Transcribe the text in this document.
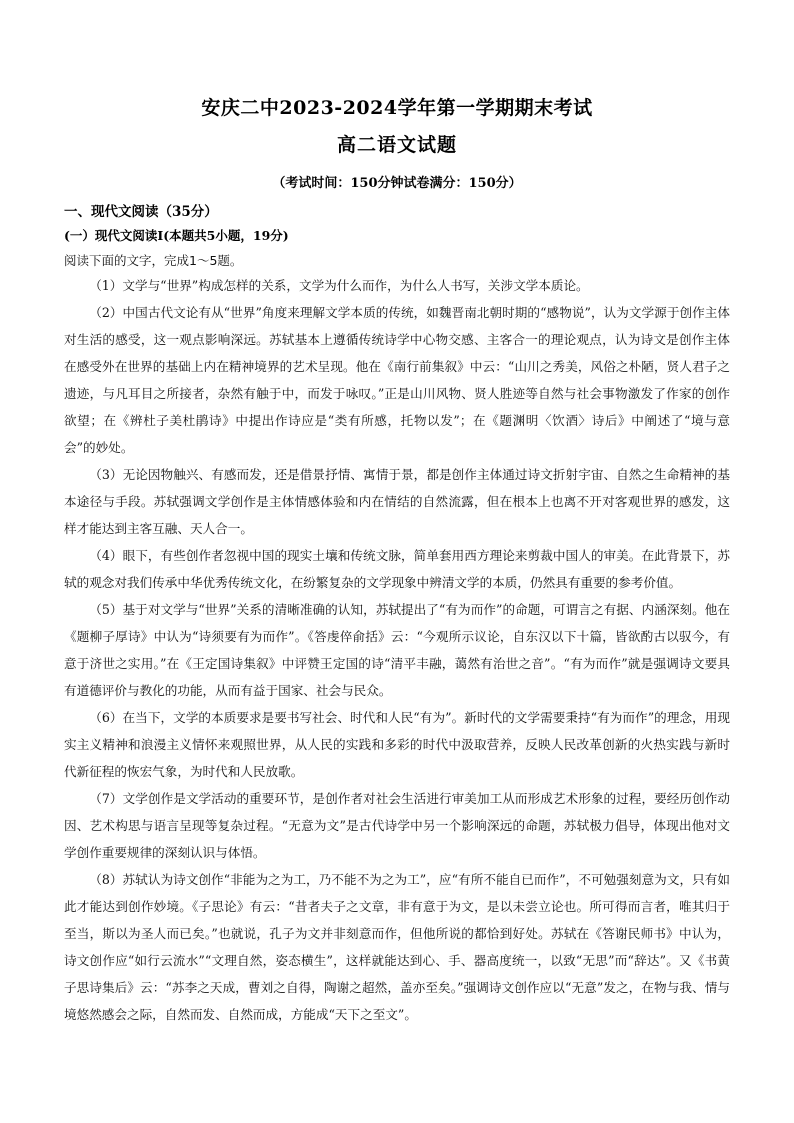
安庆二中2023-2024学年第一学期期末考试
高二语文试题
（考试时间：150分钟试卷满分：150分）
一、现代文阅读（35分）
(一）现代文阅读Ⅰ(本题共5小题，19分)
阅读下面的文字，完成1～5题。

（1）文学与“世界”构成怎样的关系，文学为什么而作，为什么人书写，关涉文学本质论。

（2）中国古代文论有从“世界”角度来理解文学本质的传统，如魏晋南北朝时期的“感物说”，认为文学源于创作主体对生活的感受，这一观点影响深远。苏轼基本上遵循传统诗学中心物交感、主客合一的理论观点，认为诗文是创作主体在感受外在世界的基础上内在精神境界的艺术呈现。他在《南行前集叙》中云：“山川之秀美，风俗之朴陋，贤人君子之遗迹，与凡耳目之所接者，杂然有触于中，而发于咏叹。”正是山川风物、贤人胜迹等自然与社会事物激发了作家的创作欲望；在《辨杜子美杜鹃诗》中提出作诗应是“类有所感，托物以发”；在《题渊明〈饮酒〉诗后》中阐述了“境与意会”的妙处。

（3）无论因物触兴、有感而发，还是借景抒情、寓情于景，都是创作主体通过诗文折射宇宙、自然之生命精神的基本途径与手段。苏轼强调文学创作是主体情感体验和内在情结的自然流露，但在根本上也离不开对客观世界的感发，这样才能达到主客互融、天人合一。

（4）眼下，有些创作者忽视中国的现实土壤和传统文脉，简单套用西方理论来剪裁中国人的审美。在此背景下，苏轼的观念对我们传承中华优秀传统文化，在纷繁复杂的文学现象中辨清文学的本质，仍然具有重要的参考价值。

（5）基于对文学与“世界”关系的清晰准确的认知，苏轼提出了“有为而作”的命题，可谓言之有据、内涵深刻。他在《题柳子厚诗》中认为“诗须要有为而作”。《答虔倅俞括》云：“今观所示议论，自东汉以下十篇，皆欲酌古以驭今，有意于济世之实用。”在《王定国诗集叙》中评赞王定国的诗“清平丰融，蔼然有治世之音”。“有为而作”就是强调诗文要具有道德评价与教化的功能，从而有益于国家、社会与民众。

（6）在当下，文学的本质要求是要书写社会、时代和人民“有为”。新时代的文学需要秉持“有为而作”的理念，用现实主义精神和浪漫主义情怀来观照世界，从人民的实践和多彩的时代中汲取营养，反映人民改革创新的火热实践与新时代新征程的恢宏气象，为时代和人民放歌。

（7）文学创作是文学活动的重要环节，是创作者对社会生活进行审美加工从而形成艺术形象的过程，要经历创作动因、艺术构思与语言呈现等复杂过程。“无意为文”是古代诗学中另一个影响深远的命题，苏轼极力倡导，体现出他对文学创作重要规律的深刻认识与体悟。

（8）苏轼认为诗文创作“非能为之为工，乃不能不为之为工”，应“有所不能自已而作”，不可勉强刻意为文，只有如此才能达到创作妙境。《子思论》有云：“昔者夫子之文章，非有意于为文，是以未尝立论也。所可得而言者，唯其归于至当，斯以为圣人而已矣。”也就说，孔子为文并非刻意而作，但他所说的都恰到好处。苏轼在《答谢民师书》中认为，诗文创作应“如行云流水”“文理自然，姿态横生”，这样就能达到心、手、器高度统一，以致“无思”而“辞达”。又《书黄子思诗集后》云：“苏李之天成，曹刘之自得，陶谢之超然，盖亦至矣。”强调诗文创作应以“无意”发之，在物与我、情与境悠然感会之际，自然而发、自然而成，方能成“天下之至文”。
